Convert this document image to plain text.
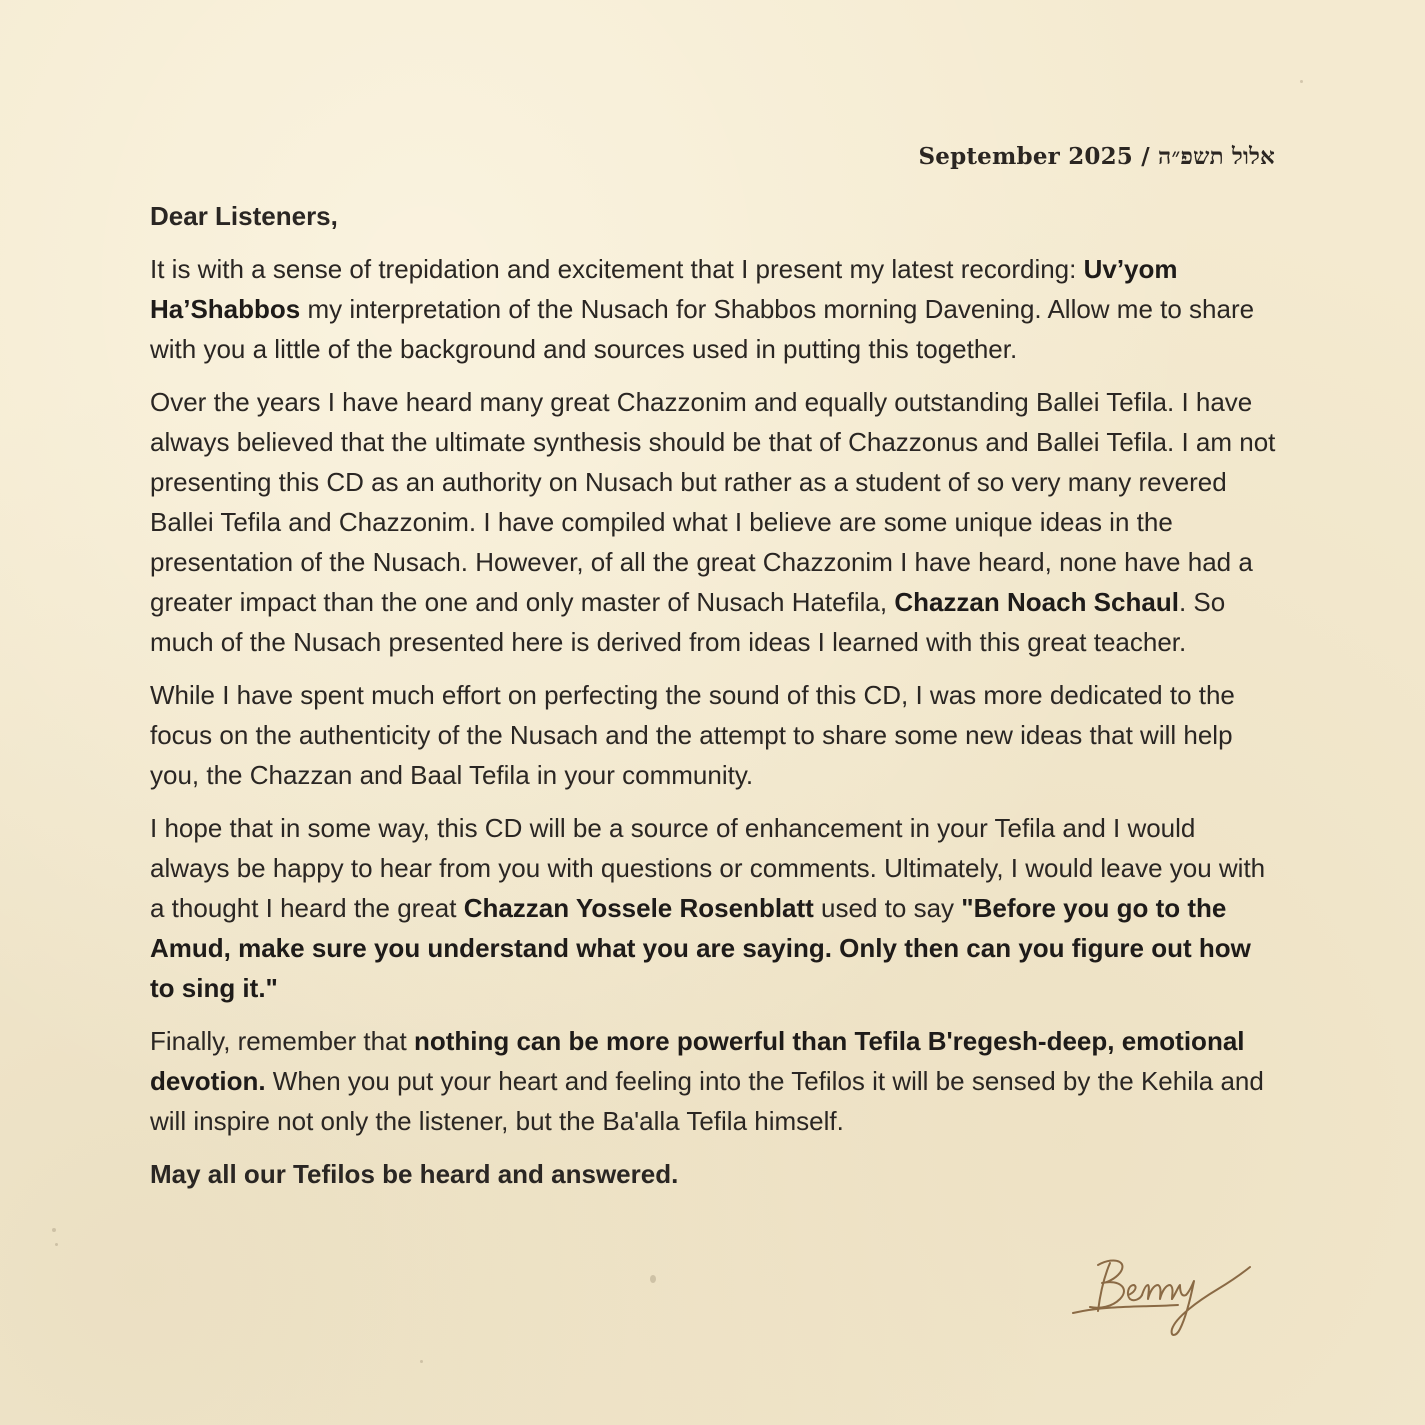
September 2025 / אלול תשפ״ה

Dear Listeners,

It is with a sense of trepidation and excitement that I present my latest recording: Uv’yom Ha’Shabbos my interpretation of the Nusach for Shabbos morning Davening. Allow me to share with you a little of the background and sources used in putting this together.

Over the years I have heard many great Chazzonim and equally outstanding Ballei Tefila. I have always believed that the ultimate synthesis should be that of Chazzonus and Ballei Tefila. I am not presenting this CD as an authority on Nusach but rather as a student of so very many revered Ballei Tefila and Chazzonim. I have compiled what I believe are some unique ideas in the presentation of the Nusach. However, of all the great Chazzonim I have heard, none have had a greater impact than the one and only master of Nusach Hatefila, Chazzan Noach Schaul. So much of the Nusach presented here is derived from ideas I learned with this great teacher.

While I have spent much effort on perfecting the sound of this CD, I was more dedicated to the focus on the authenticity of the Nusach and the attempt to share some new ideas that will help you, the Chazzan and Baal Tefila in your community.

I hope that in some way, this CD will be a source of enhancement in your Tefila and I would always be happy to hear from you with questions or comments. Ultimately, I would leave you with a thought I heard the great Chazzan Yossele Rosenblatt used to say "Before you go to the Amud, make sure you understand what you are saying. Only then can you figure out how to sing it."

Finally, remember that nothing can be more powerful than Tefila B'regesh-deep, emotional devotion. When you put your heart and feeling into the Tefilos it will be sensed by the Kehila and will inspire not only the listener, but the Ba'alla Tefila himself.

May all our Tefilos be heard and answered.
